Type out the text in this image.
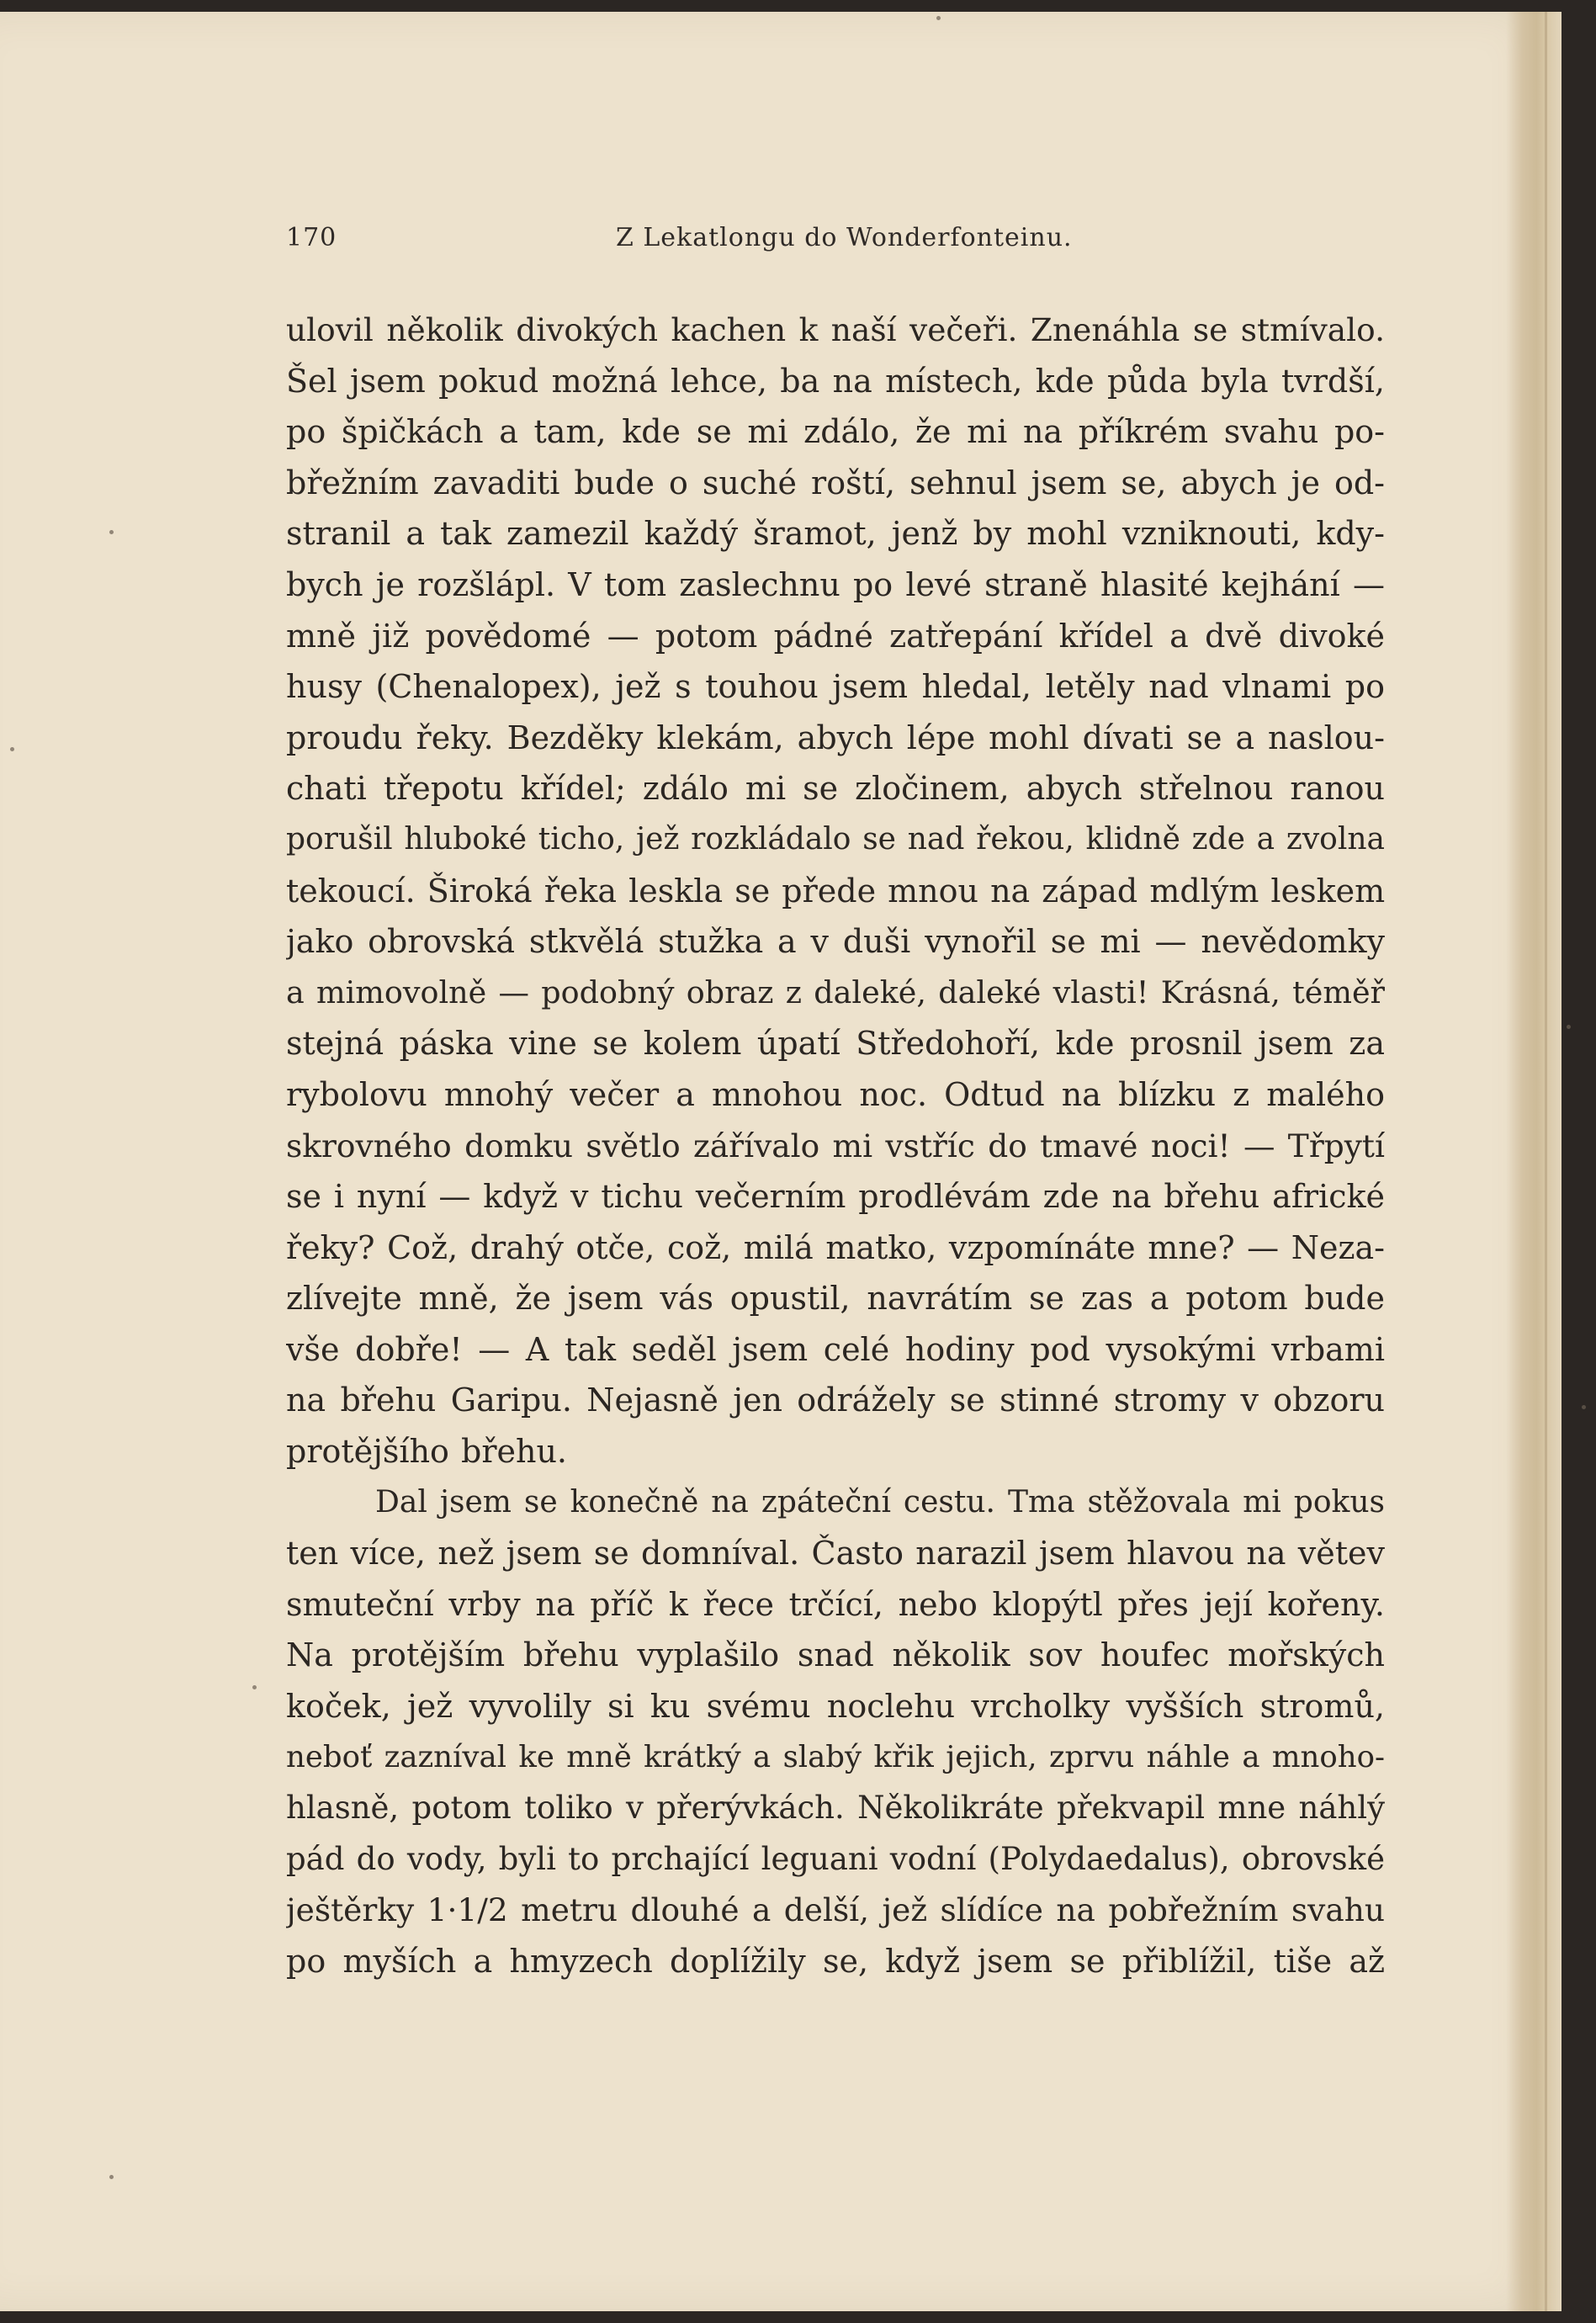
170	Z Lekatlongu do Wonderfonteinu.
ulovil několik divokých kachen k naší večeři. Znenáhla se stmívalo.
Šel jsem pokud možná lehce, ba na místech, kde půda byla tvrdší,
po špičkách a tam, kde se mi zdálo, že mi na příkrém svahu po-
břežním zavaditi bude o suché roští, sehnul jsem se, abych je od-
stranil a tak zamezil každý šramot, jenž by mohl vzniknouti, kdy-
bych je rozšlápl. V tom zaslechnu po levé straně hlasité kejhání —
mně již povědomé — potom pádné zatřepání křídel a dvě divoké
husy (Chenalopex), jež s touhou jsem hledal, letěly nad vlnami po
proudu řeky. Bezděky klekám, abych lépe mohl dívati se a naslou-
chati třepotu křídel; zdálo mi se zločinem, abych střelnou ranou
porušil hluboké ticho, jež rozkládalo se nad řekou, klidně zde a zvolna
tekoucí. Široká řeka leskla se přede mnou na západ mdlým leskem
jako obrovská stkvělá stužka a v duši vynořil se mi — nevědomky
a mimovolně — podobný obraz z daleké, daleké vlasti! Krásná, téměř
stejná páska vine se kolem úpatí Středohoří, kde prosnil jsem za
rybolovu mnohý večer a mnohou noc. Odtud na blízku z malého
skrovného domku světlo zářívalo mi vstříc do tmavé noci! — Třpytí
se i nyní — když v tichu večerním prodlévám zde na břehu africké
řeky? Což, drahý otče, což, milá matko, vzpomínáte mne? — Neza-
zlívejte mně, že jsem vás opustil, navrátím se zas a potom bude
vše dobře! — A tak seděl jsem celé hodiny pod vysokými vrbami
na břehu Garipu. Nejasně jen odrážely se stinné stromy v obzoru
protějšího břehu.
Dal jsem se konečně na zpáteční cestu. Tma stěžovala mi pokus
ten více, než jsem se domníval. Často narazil jsem hlavou na větev
smuteční vrby na příč k řece trčící, nebo klopýtl přes její kořeny.
Na protějším břehu vyplašilo snad několik sov houfec mořských
koček, jež vyvolily si ku svému noclehu vrcholky vyšších stromů,
neboť zazníval ke mně krátký a slabý křik jejich, zprvu náhle a mnoho-
hlasně, potom toliko v přerývkách. Několikráte překvapil mne náhlý
pád do vody, byli to prchající leguani vodní (Polydaedalus), obrovské
ještěrky 1·1/2 metru dlouhé a delší, jež slídíce na pobřežním svahu
po myších a hmyzech doplížily se, když jsem se přiblížil, tiše až
